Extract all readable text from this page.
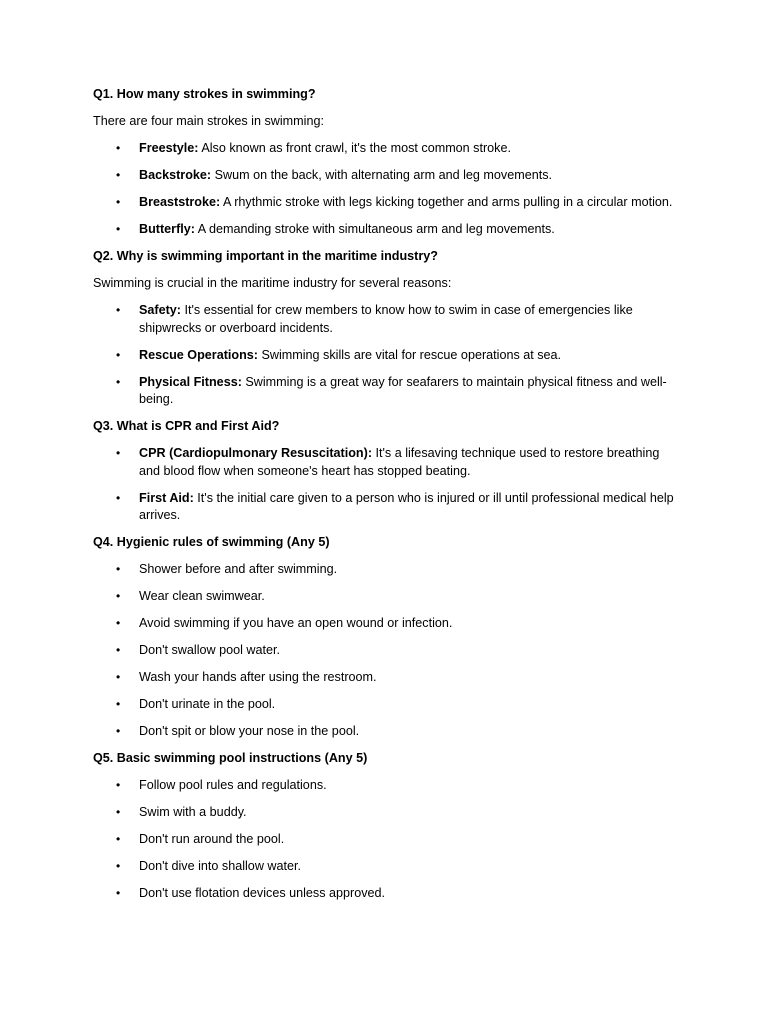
Q1. How many strokes in swimming?
There are four main strokes in swimming:
• Freestyle: Also known as front crawl, it's the most common stroke.
• Backstroke: Swum on the back, with alternating arm and leg movements.
• Breaststroke: A rhythmic stroke with legs kicking together and arms pulling in a circular motion.
• Butterfly: A demanding stroke with simultaneous arm and leg movements.
Q2. Why is swimming important in the maritime industry?
Swimming is crucial in the maritime industry for several reasons:
• Safety: It's essential for crew members to know how to swim in case of emergencies like shipwrecks or overboard incidents.
• Rescue Operations: Swimming skills are vital for rescue operations at sea.
• Physical Fitness: Swimming is a great way for seafarers to maintain physical fitness and well-being.
Q3. What is CPR and First Aid?
• CPR (Cardiopulmonary Resuscitation): It's a lifesaving technique used to restore breathing and blood flow when someone's heart has stopped beating.
• First Aid: It's the initial care given to a person who is injured or ill until professional medical help arrives.
Q4. Hygienic rules of swimming (Any 5)
• Shower before and after swimming.
• Wear clean swimwear.
• Avoid swimming if you have an open wound or infection.
• Don't swallow pool water.
• Wash your hands after using the restroom.
• Don't urinate in the pool.
• Don't spit or blow your nose in the pool.
Q5. Basic swimming pool instructions (Any 5)
• Follow pool rules and regulations.
• Swim with a buddy.
• Don't run around the pool.
• Don't dive into shallow water.
• Don't use flotation devices unless approved.
